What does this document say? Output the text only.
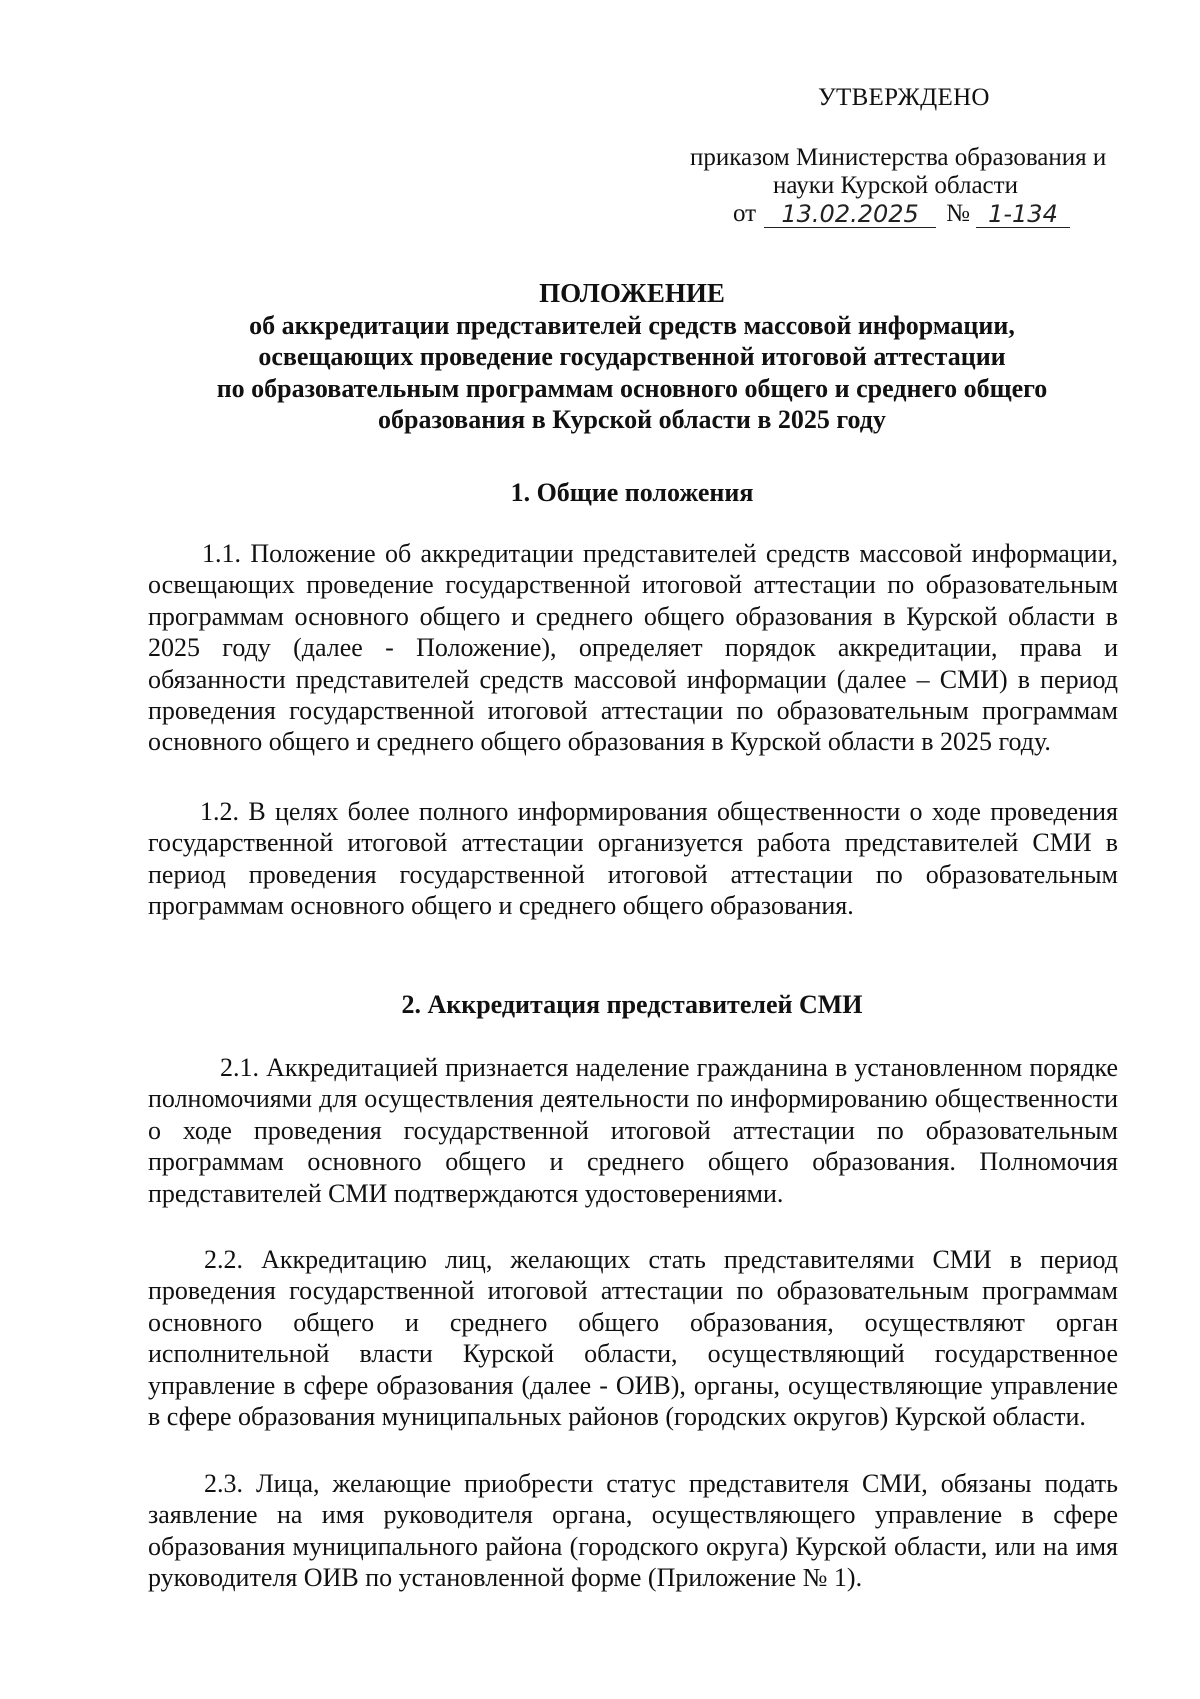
УТВЕРЖДЕНО
приказом Министерства образования и
науки Курской области
от	13.02.2025	№ 1-134
ПОЛОЖЕНИЕ
об аккредитации представителей средств массовой информации,
освещающих проведение государственной итоговой аттестации
по образовательным программам основного общего и среднего общего
образования в Курской области в 2025 году
1. Общие положения

1.1. Положение об аккредитации представителей средств массовой информации, освещающих проведение государственной итоговой аттестации по образовательным программам основного общего и среднего общего образования в Курской области в 2025 году (далее - Положение), определяет порядок аккредитации, права и обязанности представителей средств массовой информации (далее – СМИ) в период проведения государственной итоговой аттестации по образовательным программам основного общего и среднего общего образования в Курской области в 2025 году.

1.2. В целях более полного информирования общественности о ходе проведения государственной итоговой аттестации организуется работа представителей СМИ в период проведения государственной итоговой аттестации по образовательным программам основного общего и среднего общего образования.

2. Аккредитация представителей СМИ

2.1. Аккредитацией признается наделение гражданина в установленном порядке полномочиями для осуществления деятельности по информированию общественности о ходе проведения государственной итоговой аттестации по образовательным программам основного общего и среднего общего образования. Полномочия представителей СМИ подтверждаются удостоверениями.

2.2. Аккредитацию лиц, желающих стать представителями СМИ в период проведения государственной итоговой аттестации по образовательным программам основного общего и среднего общего образования, осуществляют орган исполнительной власти Курской области, осуществляющий государственное управление в сфере образования (далее - ОИВ), органы, осуществляющие управление в сфере образования муниципальных районов (городских округов) Курской области.

2.3. Лица, желающие приобрести статус представителя СМИ, обязаны подать заявление на имя руководителя органа, осуществляющего управление в сфере образования муниципального района (городского округа) Курской области, или на имя руководителя ОИВ по установленной форме (Приложение № 1).
